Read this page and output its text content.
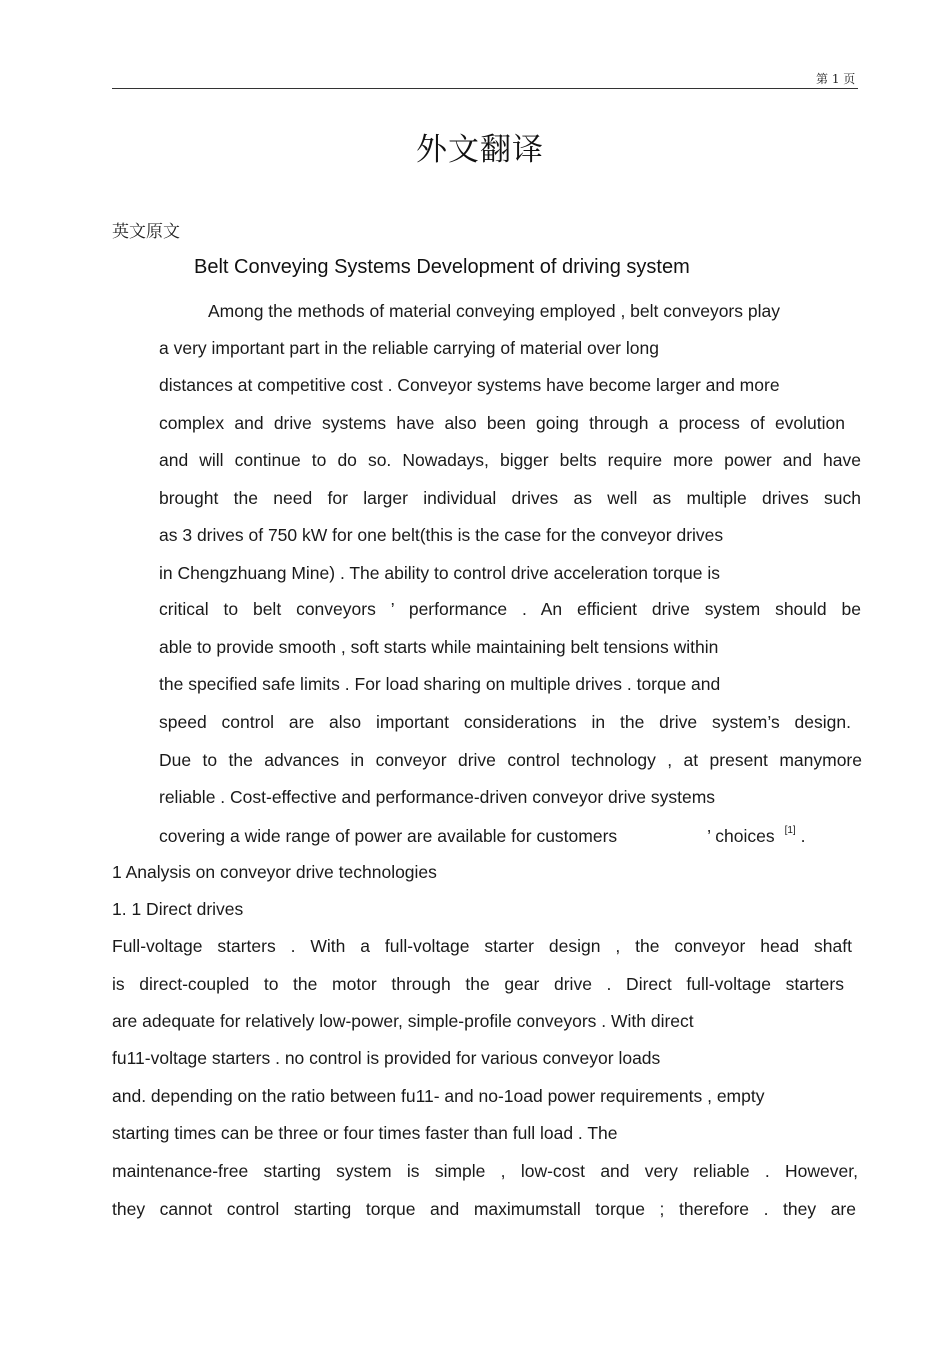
第 1 页
外文翻译
英文原文
Belt Conveying Systems Development of driving system
Among the methods of material conveying employed , belt conveyors play
a very important part in the reliable carrying of material over long
distances at competitive cost . Conveyor systems have become larger and more
complex and drive systems have also been going through a process of evolution
and will continue to do so. Nowadays, bigger belts require more power and have
brought the need for larger individual drives as well as multiple drives such
as 3 drives of 750 kW for one belt(this is the case for the conveyor drives
in Chengzhuang Mine) . The ability to control drive acceleration torque is
critical to belt conveyors ’ performance . An efficient drive system should be
able to provide smooth , soft starts while maintaining belt tensions within
the specified safe limits . For load sharing on multiple drives . torque and
speed control are also important considerations in the drive system’s design.
Due to the advances in conveyor drive control technology , at present manymore
reliable . Cost-effective and performance-driven conveyor drive systems
covering a wide range of power are available for customers	’ choices [1] .
1 Analysis on conveyor drive technologies
1. 1 Direct drives
Full-voltage starters . With a full-voltage starter design , the conveyor head shaft
is direct-coupled to the motor through the gear drive . Direct full-voltage starters
are adequate for relatively low-power, simple-profile conveyors . With direct
fu11-voltage starters . no control is provided for various conveyor loads
and. depending on the ratio between fu11- and no-1oad power requirements , empty
starting times can be three or four times faster than full load . The
maintenance-free starting system is simple , low-cost and very reliable . However,
they cannot control starting torque and maximumstall torque ; therefore . they are
